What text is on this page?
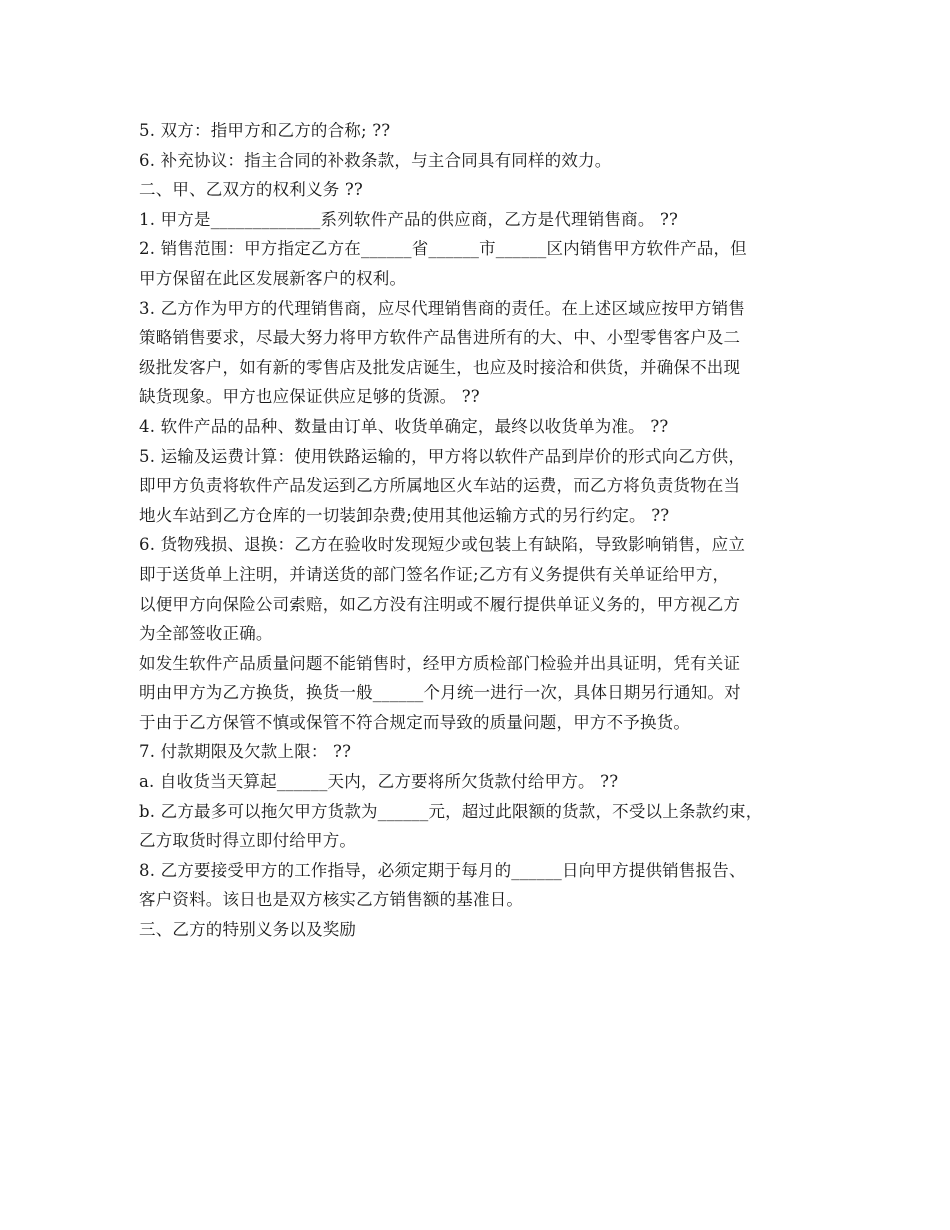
5. 双方：指甲方和乙方的合称; ??
6. 补充协议：指主合同的补救条款，与主合同具有同样的效力。
二、甲、乙双方的权利义务 ??
1. 甲方是_____________系列软件产品的供应商，乙方是代理销售商。 ??
2. 销售范围：甲方指定乙方在______省______市______区内销售甲方软件产品，但
甲方保留在此区发展新客户的权利。
3. 乙方作为甲方的代理销售商，应尽代理销售商的责任。在上述区域应按甲方销售
策略销售要求，尽最大努力将甲方软件产品售进所有的大、中、小型零售客户及二
级批发客户，如有新的零售店及批发店诞生，也应及时接洽和供货，并确保不出现
缺货现象。甲方也应保证供应足够的货源。 ??
4. 软件产品的品种、数量由订单、收货单确定，最终以收货单为准。 ??
5. 运输及运费计算：使用铁路运输的，甲方将以软件产品到岸价的形式向乙方供，
即甲方负责将软件产品发运到乙方所属地区火车站的运费，而乙方将负责货物在当
地火车站到乙方仓库的一切装卸杂费;使用其他运输方式的另行约定。 ??
6. 货物残损、退换：乙方在验收时发现短少或包装上有缺陷，导致影响销售，应立
即于送货单上注明，并请送货的部门签名作证;乙方有义务提供有关单证给甲方，
以便甲方向保险公司索赔，如乙方没有注明或不履行提供单证义务的，甲方视乙方
为全部签收正确。
如发生软件产品质量问题不能销售时，经甲方质检部门检验并出具证明，凭有关证
明由甲方为乙方换货，换货一般______个月统一进行一次，具体日期另行通知。对
于由于乙方保管不慎或保管不符合规定而导致的质量问题，甲方不予换货。
7. 付款期限及欠款上限： ??
a. 自收货当天算起______天内，乙方要将所欠货款付给甲方。 ??
b. 乙方最多可以拖欠甲方货款为______元，超过此限额的货款，不受以上条款约束，
乙方取货时得立即付给甲方。
8. 乙方要接受甲方的工作指导，必须定期于每月的______日向甲方提供销售报告、
客户资料。该日也是双方核实乙方销售额的基准日。
三、乙方的特别义务以及奖励
